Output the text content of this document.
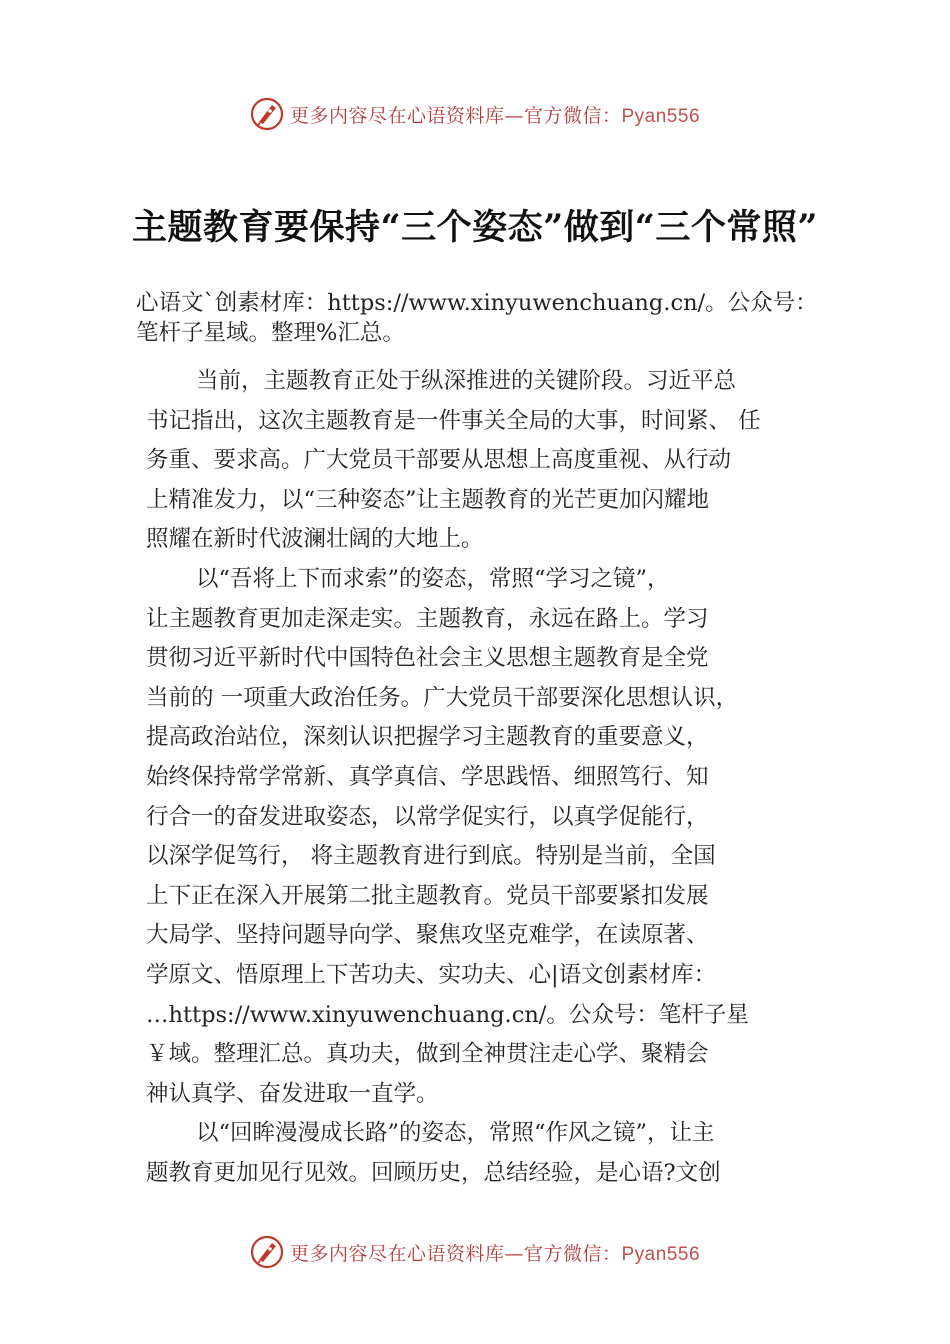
更多内容尽在心语资料库—官方微信：Pyan556
主题教育要保持“三个姿态”做到“三个常照”
心语文`创素材库：https://www.xinyuwenchuang.cn/。公众号：
笔杆子星域。整理%汇总。
当前，主题教育正处于纵深推进的关键阶段。习近平总
书记指出，这次主题教育是一件事关全局的大事，时间紧、 任
务重、要求高。广大党员干部要从思想上高度重视、从行动
上精准发力，以“三种姿态”让主题教育的光芒更加闪耀地
照耀在新时代波澜壮阔的大地上。
以“吾将上下而求索”的姿态，常照“学习之镜”，
让主题教育更加走深走实。主题教育，永远在路上。学习
贯彻习近平新时代中国特色社会主义思想主题教育是全党
当前的 一项重大政治任务。广大党员干部要深化思想认识，
提高政治站位，深刻认识把握学习主题教育的重要意义，
始终保持常学常新、真学真信、学思践悟、细照笃行、知
行合一的奋发进取姿态，以常学促实行，以真学促能行，
以深学促笃行， 将主题教育进行到底。特别是当前，全国
上下正在深入开展第二批主题教育。党员干部要紧扣发展
大局学、坚持问题导向学、聚焦攻坚克难学，在读原著、
学原文、悟原理上下苦功夫、实功夫、心|语文创素材库：
…https://www.xinyuwenchuang.cn/。公众号：笔杆子星
￥域。整理汇总。真功夫，做到全神贯注走心学、聚精会
神认真学、奋发进取一直学。
以“回眸漫漫成长路”的姿态，常照“作风之镜”，让主
题教育更加见行见效。回顾历史，总结经验，是心语?文创
更多内容尽在心语资料库—官方微信：Pyan556
